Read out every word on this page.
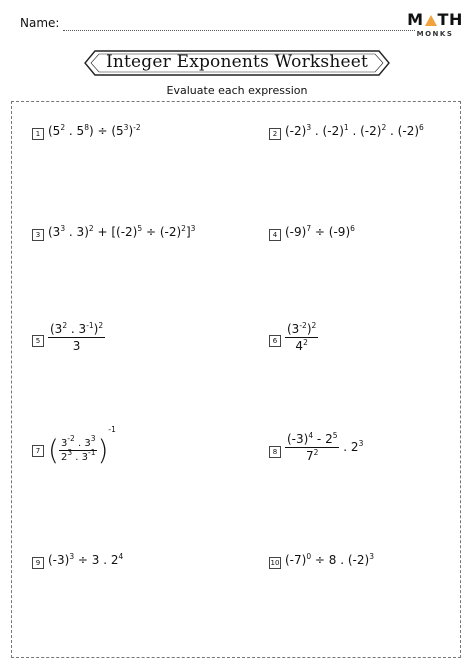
Name:	M TH
MONKS
Integer Exponents Worksheet
Evaluate each expression
1 ($5^2$ . $5^8) \div (5^3)^{-2}$
2 $(-2)^3$ . $(-2)^1$ . $(-2)^2$ . $(-2)^6$
3 ($3^3$ . $3)^2 + [(-2)^5 \div (-2)^2]^3$
4 $(-9)^7 \div (-9)^6$
$5 \frac{(3^2 . 3^{-1})^2}{3}$	$6 \frac{(3^{-2})^2}{4^2}$
7 ( $\frac{3^{-2} . 3^3}{2^3 . 3^{-1}} )^{-1}$
$8 \frac{(-3)^4 - 2^5}{7^2}$ . $2^3$
9 $(-3)^3 \div 3$ . $2^4$
10 $(-7)^0 \div 8$ . $(-2)^3$
